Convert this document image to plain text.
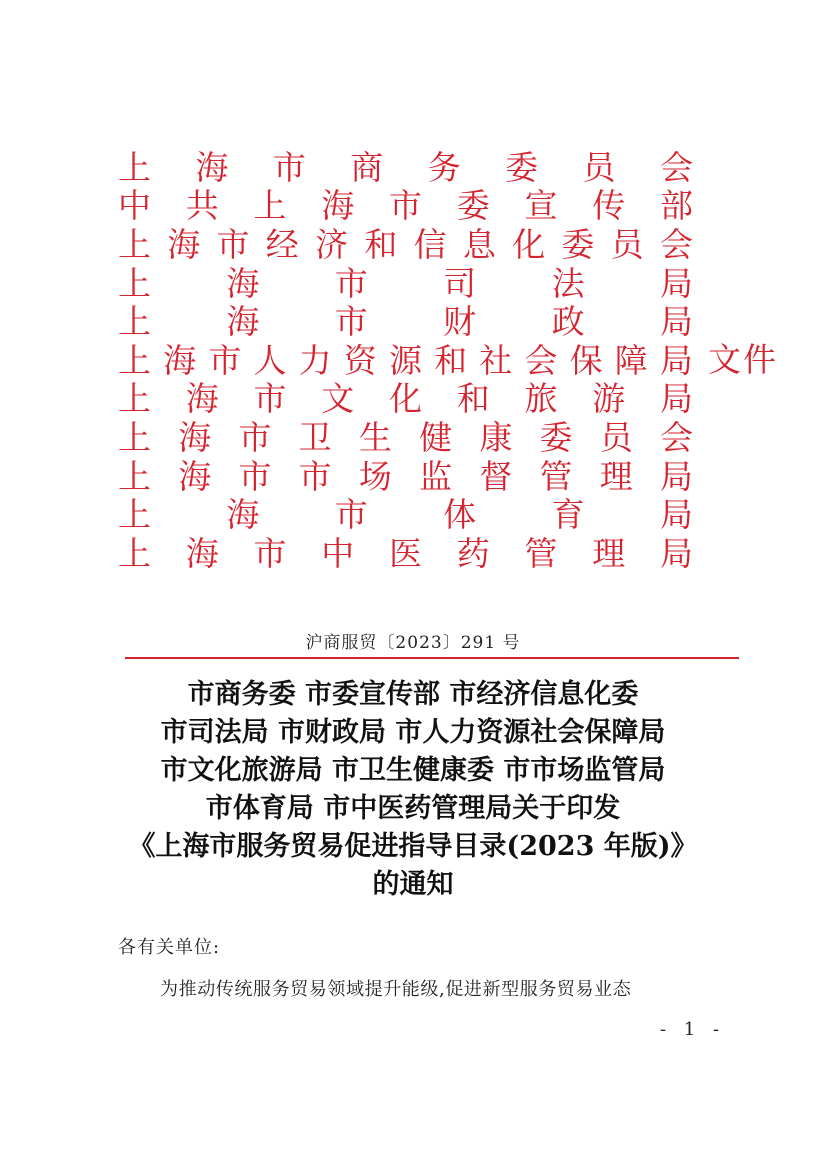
上 海 市 商 务 委 员 会
中 共 上 海 市 委 宣 传 部
上 海 市 经 济 和 信 息 化 委 员 会
上 海 市 司 法 局
上 海 市 财 政 局
上 海 市 人 力 资 源 和 社 会 保 障 局 文件
上 海 市 文 化 和 旅 游 局
上 海 市 卫 生 健 康 委 员 会
上 海 市 市 场 监 督 管 理 局
上 海 市 体 育 局
上 海 市 中 医 药 管 理 局
沪商服贸〔2023〕291 号
市商务委 市委宣传部 市经济信息化委
市司法局 市财政局 市人力资源社会保障局
市文化旅游局 市卫生健康委 市市场监管局
市体育局 市中医药管理局关于印发
《上海市服务贸易促进指导目录(2023 年版)》
的通知
各有关单位:
为推动传统服务贸易领域提升能级,促进新型服务贸易业态
- 1 -
